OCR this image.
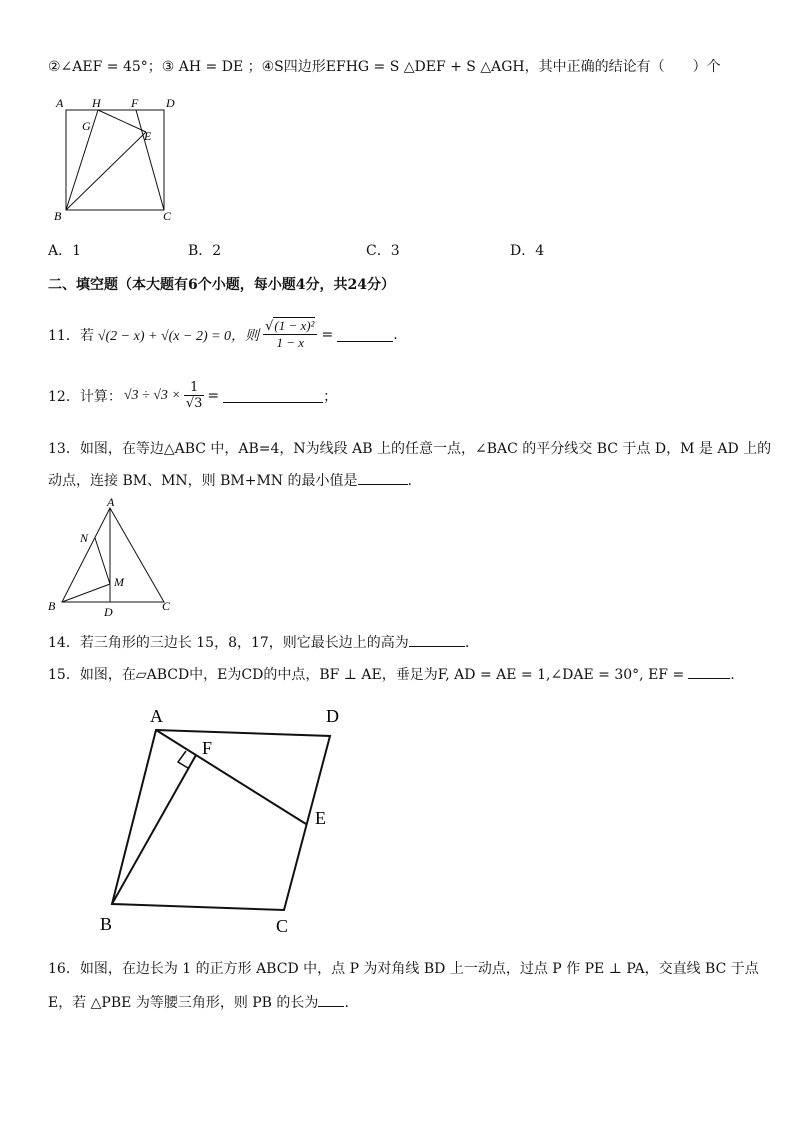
②∠AEF = 45°；③ AH = DE ；④S四边形EFHG = S △DEF + S △AGH，其中正确的结论有（　　）个
A H	F D
G
E
B	C
A．1	B．2	C．3	D．4
二、填空题（本大题有6个小题，每小题4分，共24分）
11．若 √(2 − x) + √(x − 2) = 0，则 $\frac{\text{√(1 − x)²}}{1 - x}$ =	.
12．计算： $√3 \div √3 \times \frac{1}{√3}$ =	；
13．如图，在等边△ABC 中，AB=4，N为线段 AB 上的任意一点，∠BAC 的平分线交 BC 于点 D，M 是 AD 上的
动点，连接 BM、MN，则 BM+MN 的最小值是	.
A
N
M
B	D	C
14．若三角形的三边长 15，8，17，则它最长边上的高为	.
15．如图，在▱ABCD中，E为CD的中点，BF ⊥ AE，垂足为F, AD = AE = 1,∠DAE = 30°, EF =	.
A	D
F
E
B	C
16．如图，在边长为 1 的正方形 ABCD 中，点 P 为对角线 BD 上一动点，过点 P 作 PE ⊥ PA，交直线 BC 于点
E，若 △PBE 为等腰三角形，则 PB 的长为 .
